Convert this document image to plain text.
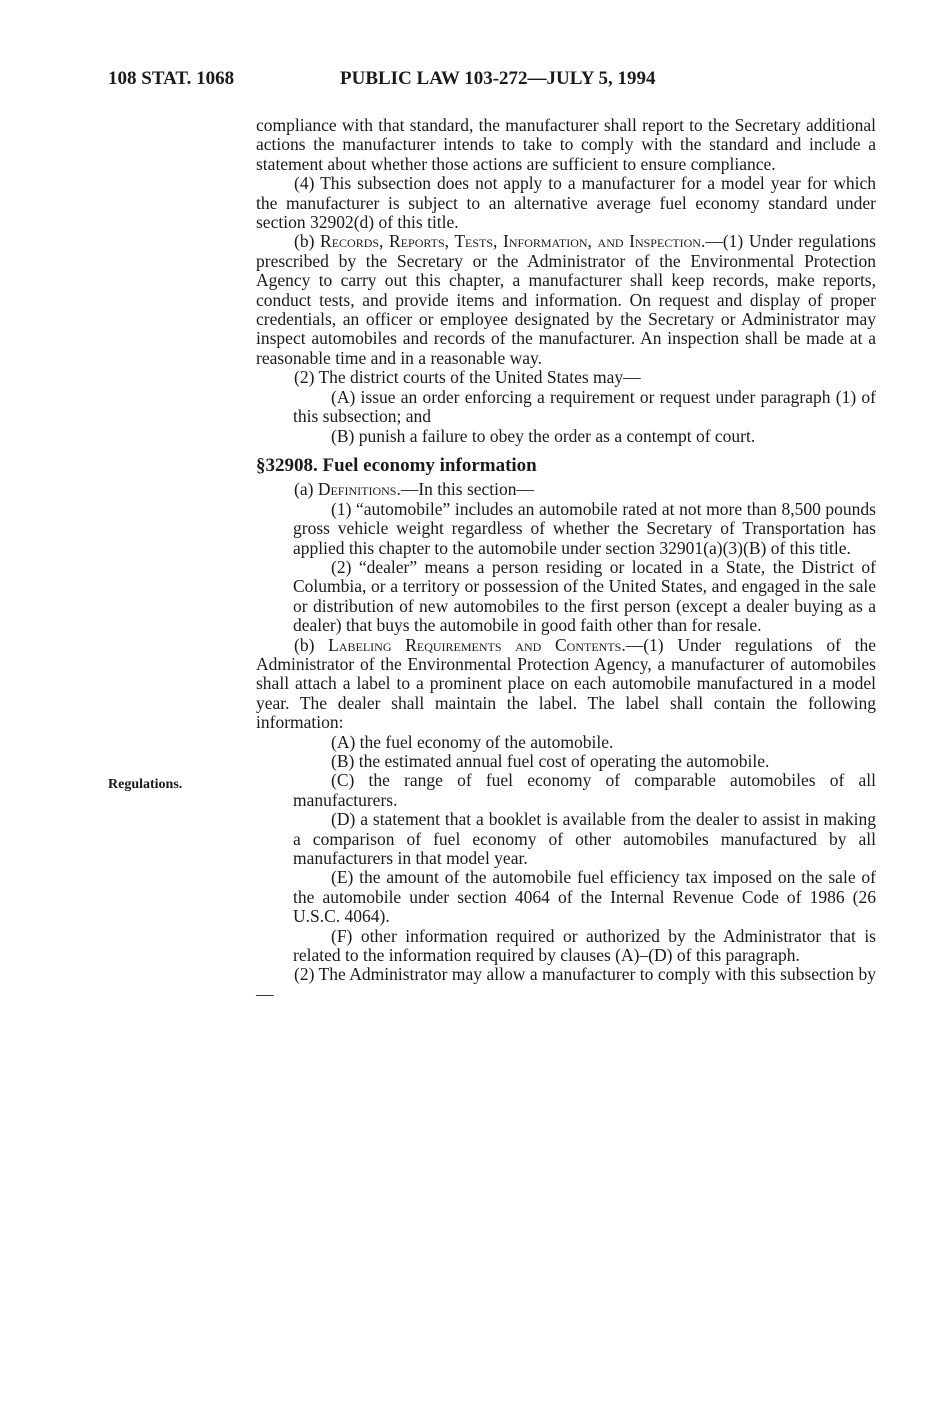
108 STAT. 1068	PUBLIC LAW 103-272—JULY 5, 1994
Regulations.

compliance with that standard, the manufacturer shall report to the Secretary additional actions the manufacturer intends to take to comply with the standard and include a statement about whether those actions are sufficient to ensure compliance.

(4) This subsection does not apply to a manufacturer for a model year for which the manufacturer is subject to an alternative average fuel economy standard under section 32902(d) of this title.

(b) Records, Reports, Tests, Information, and Inspection.—(1) Under regulations prescribed by the Secretary or the Administrator of the Environmental Protection Agency to carry out this chapter, a manufacturer shall keep records, make reports, conduct tests, and provide items and information. On request and display of proper credentials, an officer or employee designated by the Secretary or Administrator may inspect automobiles and records of the manufacturer. An inspection shall be made at a reasonable time and in a reasonable way.

(2) The district courts of the United States may—

(A) issue an order enforcing a requirement or request under paragraph (1) of this subsection; and

(B) punish a failure to obey the order as a contempt of court.

§32908. Fuel economy information

(a) Definitions.—In this section—

(1) “automobile” includes an automobile rated at not more than 8,500 pounds gross vehicle weight regardless of whether the Secretary of Transportation has applied this chapter to the automobile under section 32901(a)(3)(B) of this title.

(2) “dealer” means a person residing or located in a State, the District of Columbia, or a territory or possession of the United States, and engaged in the sale or distribution of new automobiles to the first person (except a dealer buying as a dealer) that buys the automobile in good faith other than for resale.

(b) Labeling Requirements and Contents.—(1) Under regulations of the Administrator of the Environmental Protection Agency, a manufacturer of automobiles shall attach a label to a prominent place on each automobile manufactured in a model year. The dealer shall maintain the label. The label shall contain the following information:

(A) the fuel economy of the automobile.

(B) the estimated annual fuel cost of operating the automobile.

(C) the range of fuel economy of comparable automobiles of all manufacturers.

(D) a statement that a booklet is available from the dealer to assist in making a comparison of fuel economy of other automobiles manufactured by all manufacturers in that model year.

(E) the amount of the automobile fuel efficiency tax imposed on the sale of the automobile under section 4064 of the Internal Revenue Code of 1986 (26 U.S.C. 4064).

(F) other information required or authorized by the Administrator that is related to the information required by clauses (A)–(D) of this paragraph.

(2) The Administrator may allow a manufacturer to comply with this subsection by—
